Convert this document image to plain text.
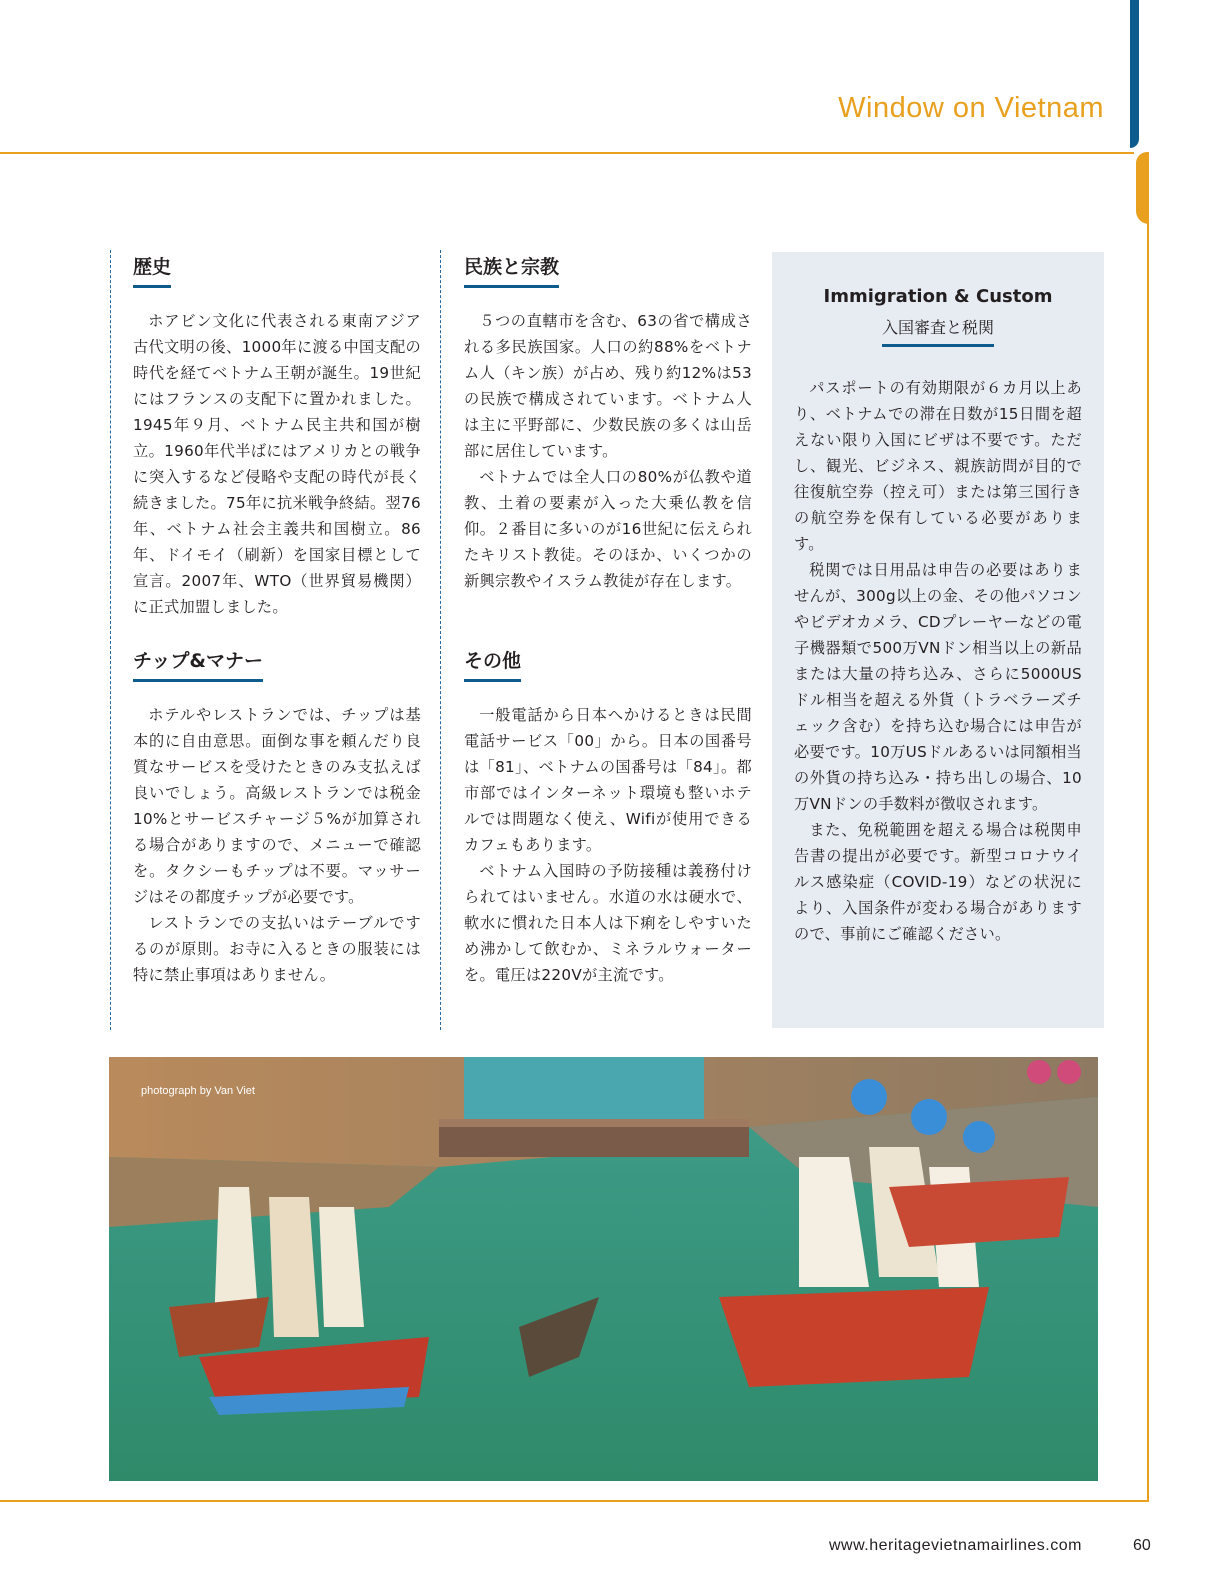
Window on Vietnam
歴史

ホアビン文化に代表される東南アジア古代文明の後、1000年に渡る中国支配の時代を経てベトナム王朝が誕生。19世紀にはフランスの支配下に置かれました。1945年９月、ベトナム民主共和国が樹立。1960年代半ばにはアメリカとの戦争に突入するなど侵略や支配の時代が長く続きました。75年に抗米戦争終結。翌76年、ベトナム社会主義共和国樹立。86年、ドイモイ（刷新）を国家目標として宣言。2007年、WTO（世界貿易機関）に正式加盟しました。

チップ&マナー

ホテルやレストランでは、チップは基本的に自由意思。面倒な事を頼んだり良質なサービスを受けたときのみ支払えば良いでしょう。高級レストランでは税金10%とサービスチャージ５%が加算される場合がありますので、メニューで確認を。タクシーもチップは不要。マッサージはその都度チップが必要です。

レストランでの支払いはテーブルでするのが原則。お寺に入るときの服装には特に禁止事項はありません。

民族と宗教

５つの直轄市を含む、63の省で構成される多民族国家。人口の約88%をベトナム人（キン族）が占め、残り約12%は53の民族で構成されています。ベトナム人は主に平野部に、少数民族の多くは山岳部に居住しています。

ベトナムでは全人口の80%が仏教や道教、土着の要素が入った大乗仏教を信仰。２番目に多いのが16世紀に伝えられたキリスト教徒。そのほか、いくつかの新興宗教やイスラム教徒が存在します。

その他

一般電話から日本へかけるときは民間電話サービス「00」から。日本の国番号は「81」、ベトナムの国番号は「84」。都市部ではインターネット環境も整いホテルでは問題なく使え、Wifiが使用できるカフェもあります。

ベトナム入国時の予防接種は義務付けられてはいません。水道の水は硬水で、軟水に慣れた日本人は下痢をしやすいため沸かして飲むか、ミネラルウォーターを。電圧は220Vが主流です。

Immigration & Custom
入国審査と税関

パスポートの有効期限が６カ月以上あり、ベトナムでの滞在日数が15日間を超えない限り入国にビザは不要です。ただし、観光、ビジネス、親族訪問が目的で往復航空券（控え可）または第三国行きの航空券を保有している必要があります。

税関では日用品は申告の必要はありませんが、300g以上の金、その他パソコンやビデオカメラ、CDプレーヤーなどの電子機器類で500万VNドン相当以上の新品または大量の持ち込み、さらに5000USドル相当を超える外貨（トラベラーズチェック含む）を持ち込む場合には申告が必要です。10万USドルあるいは同額相当の外貨の持ち込み・持ち出しの場合、10万VNドンの手数料が徴収されます。

また、免税範囲を超える場合は税関申告書の提出が必要です。新型コロナウイルス感染症（COVID-19）などの状況により、入国条件が変わる場合がありますので、事前にご確認ください。

photograph by Van Viet
www.heritagevietnamairlines.com	60
